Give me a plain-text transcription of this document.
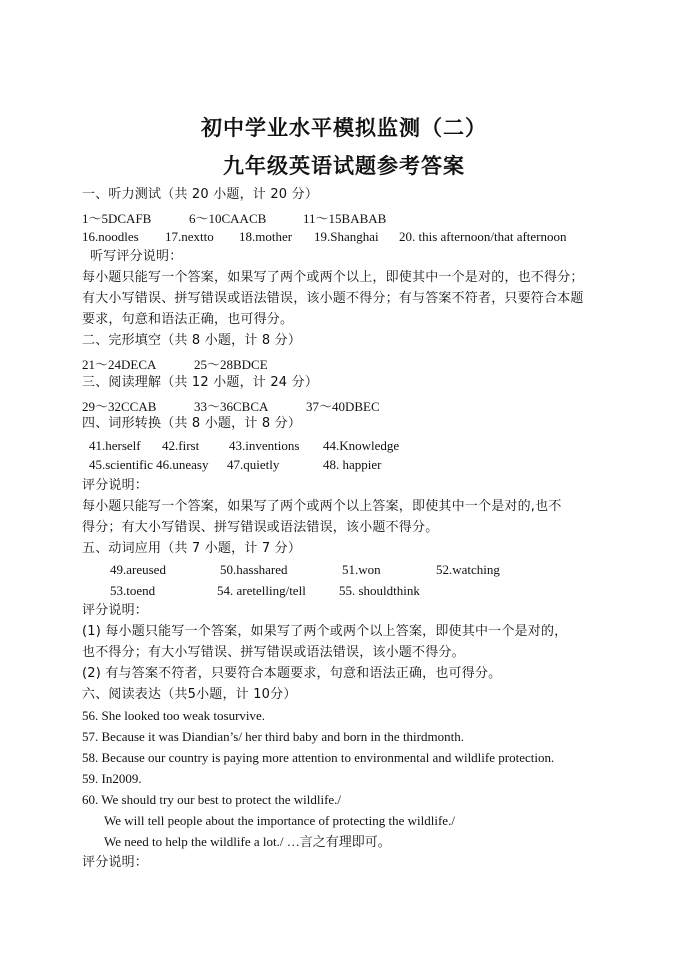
初中学业水平模拟监测（二）
九年级英语试题参考答案
一、听力测试（共 20 小题，计 20 分）
1～5DCAFB	6～10CAACB	11～15BABAB
16.noodles 17.nextto 18.mother 19.Shanghai 20. this afternoon/that afternoon
听写评分说明：
每小题只能写一个答案，如果写了两个或两个以上，即使其中一个是对的，也不得分；
有大小写错误、拼写错误或语法错误，该小题不得分；有与答案不符者，只要符合本题
要求，句意和语法正确，也可得分。
二、完形填空（共 8 小题，计 8 分）
21～24DECA	25～28BDCE
三、阅读理解（共 12 小题，计 24 分）
29～32CCAB	33～36CBCA	37～40DBEC
四、词形转换（共 8 小题，计 8 分）
41.herself 42.first 43.inventions 44.Knowledge
45.scientific 46.uneasy 47.quietly	48. happier
评分说明：
每小题只能写一个答案，如果写了两个或两个以上答案，即使其中一个是对的,也不
得分；有大小写错误、拼写错误或语法错误，该小题不得分。
五、动词应用（共 7 小题，计 7 分）
49.areused	50.hasshared	51.won	52.watching
53.toend	54. aretelling/tell	55. shouldthink
评分说明：
(1) 每小题只能写一个答案，如果写了两个或两个以上答案，即使其中一个是对的，
也不得分；有大小写错误、拼写错误或语法错误，该小题不得分。
(2) 有与答案不符者，只要符合本题要求，句意和语法正确，也可得分。
六、阅读表达（共5小题，计 10分）
56. She looked too weak tosurvive.
57. Because it was Diandian’s/ her third baby and born in the thirdmonth.
58. Because our country is paying more attention to environmental and wildlife protection.
59. In2009.
60. We should try our best to protect the wildlife./
We will tell people about the importance of protecting the wildlife./
We need to help the wildlife a lot./ …言之有理即可。
评分说明：
